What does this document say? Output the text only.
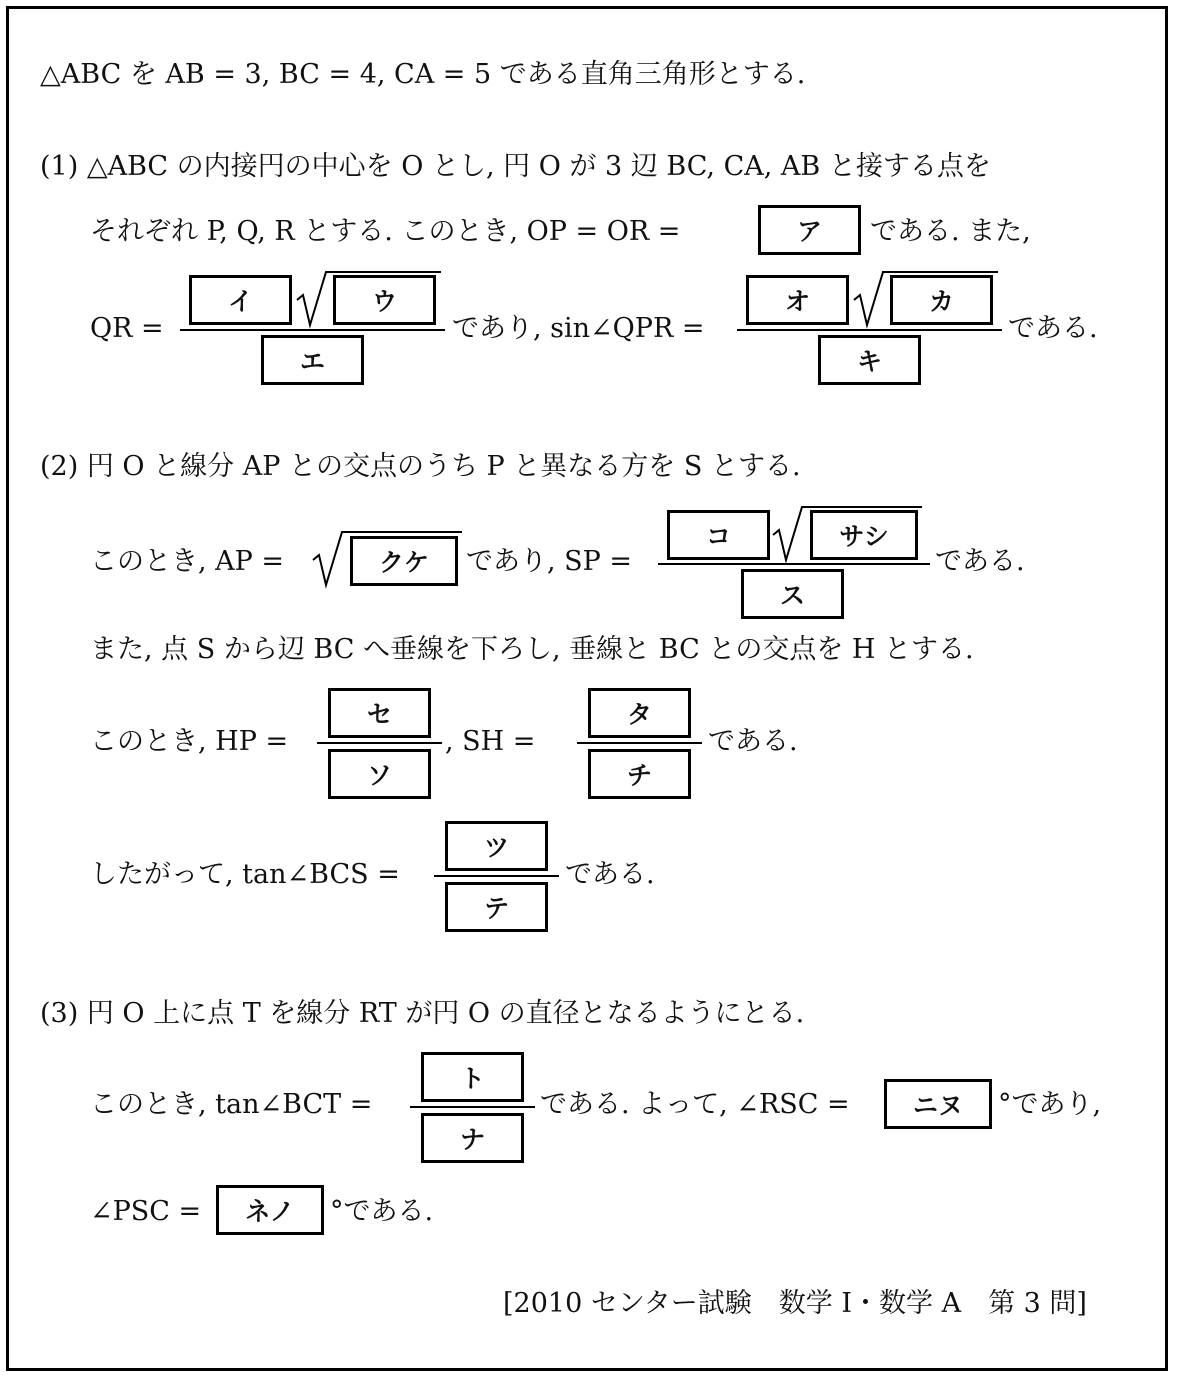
△ABC を AB = 3, BC = 4, CA = 5 である直角三角形とする.
(1) △ABC の内接円の中心を O とし, 円 O が 3 辺 BC, CA, AB と接する点を
それぞれ P, Q, R とする. このとき, OP = OR =	ア	である. また,
QR =
イ	ウ
エ
であり, sin∠QPR =
オ	カ
キ
である.
(2) 円 O と線分 AP との交点のうち P と異なる方を S とする.
このとき, AP =	クケ	であり, SP =
コ	サシ
ス
である.
また, 点 S から辺 BC へ垂線を下ろし, 垂線と BC との交点を H とする.
このとき, HP =
セ
ソ
, SH =
タ
チ
である.
したがって, tan∠BCS =
ツ
テ
である.
(3) 円 O 上に点 T を線分 RT が円 O の直径となるようにとる.
このとき, tan∠BCT =
ト
ナ
である. よって, ∠RSC =	ニヌ	°であり,
∠PSC =	ネノ	°である.
[2010 センター試験　数学 I・数学 A　第 3 問]
